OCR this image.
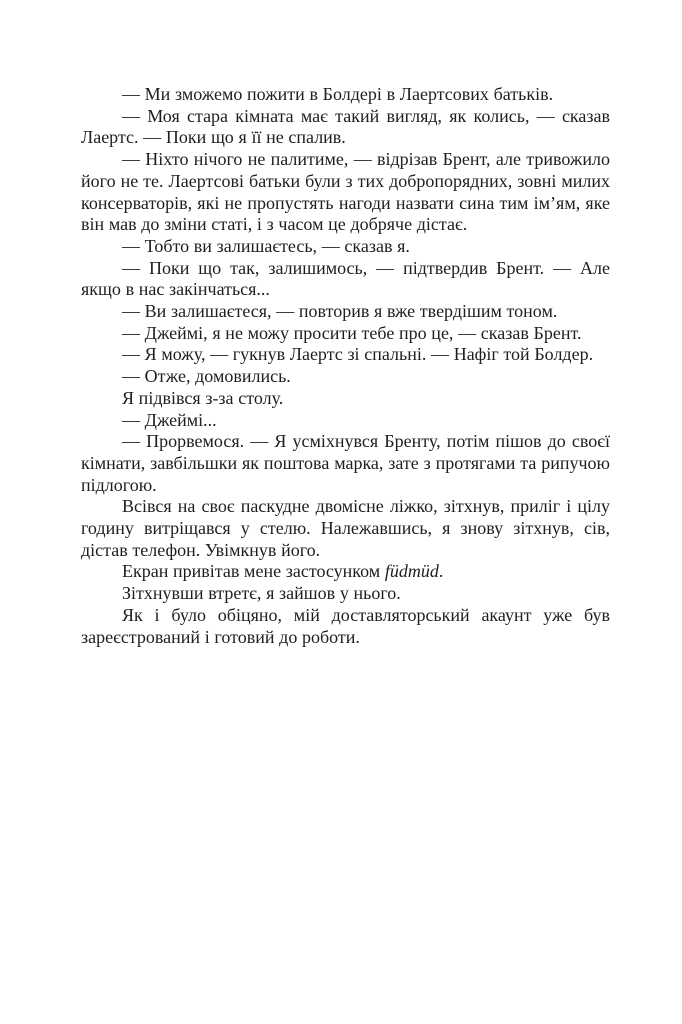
— Ми зможемо пожити в Болдері в Лаертсових батьків.

— Моя стара кімната має такий вигляд, як колись, — сказав Лаертс. — Поки що я її не спалив.

— Ніхто нічого не палитиме, — відрізав Брент, але тривожило його не те. Лаертсові батьки були з тих добропорядних, зовні милих консерваторів, які не пропустять нагоди назвати сина тим ім’ям, яке він мав до зміни статі, і з часом це добряче дістає.

— Тобто ви залишаєтесь, — сказав я.

— Поки що так, залишимось, — підтвердив Брент. — Але якщо в нас закінчаться...

— Ви залишаєтеся, — повторив я вже твердішим тоном.

— Джеймі, я не можу просити тебе про це, — сказав Брент.

— Я можу, — гукнув Лаертс зі спальні. — Нафіг той Болдер.

— Отже, домовились.

Я підвівся з-за столу.

— Джеймі...

— Прорвемося. — Я усміхнувся Бренту, потім пішов до своєї кімнати, завбільшки як поштова марка, зате з протягами та рипучою підлогою.

Всівся на своє паскудне двомісне ліжко, зітхнув, приліг і цілу годину витріщався у стелю. Належавшись, я знову зітхнув, сів, дістав телефон. Увімкнув його.

Екран привітав мене застосунком füdmüd.

Зітхнувши втретє, я зайшов у нього.

Як і було обіцяно, мій доставляторський акаунт уже був зареєстрований і готовий до роботи.
